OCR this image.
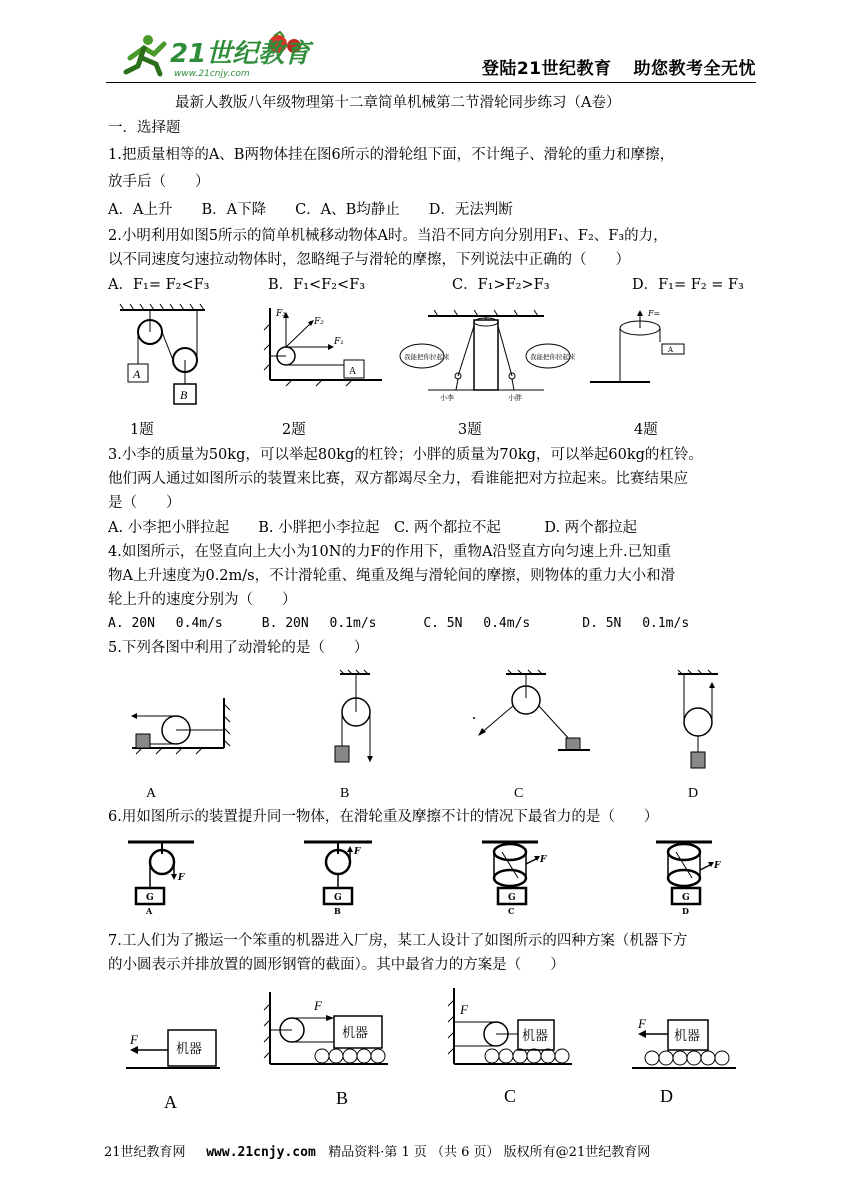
21世纪教育
www.21cnjy.com	登陆21世纪教育 助您教考全无忧
最新人教版八年级物理第十二章简单机械第二节滑轮同步练习（A卷）
一．选择题
1.把质量相等的A、B两物体挂在图6所示的滑轮组下面，不计绳子、滑轮的重力和摩擦，
放手后（　　）
A．A上升　　B．A下降　　C．A、B均静止　　D．无法判断
2.小明利用如图5所示的简单机械移动物体A时。当沿不同方向分别用F₁、F₂、F₃的力，
以不同速度匀速拉动物体时，忽略绳子与滑轮的摩擦，下列说法中正确的（　　）
A．F₁= F₂<F₃	B．F₁<F₂<F₃	C．F₁>F₂>F₃	D．F₁= F₂ = F₃
A
B
A
F₃
F₂
F₁
我能把你拉起来	我能把你拉起来
小李	小胖
F=
A
1题	2题	3题	4题
3.小李的质量为50kg，可以举起80kg的杠铃；小胖的质量为70kg，可以举起60kg的杠铃。
他们两人通过如图所示的装置来比赛，双方都竭尽全力，看谁能把对方拉起来。比赛结果应
是（　　）
A. 小李把小胖拉起　　B. 小胖把小李拉起　C. 两个都拉不起　　　D. 两个都拉起
4.如图所示，在竖直向上大小为10N的力F的作用下，重物A沿竖直方向匀速上升.已知重
物A上升速度为0.2m/s，不计滑轮重、绳重及绳与滑轮间的摩擦，则物体的重力大小和滑
轮上升的速度分别为（　　）
A. 20N　 0.4m/s　　　B. 20N　 0.1m/s　　　 C. 5N　 0.4m/s　　　　D. 5N　 0.1m/s
5.下列各图中利用了动滑轮的是（　　）
A	B	C	D
6.用如图所示的装置提升同一物体，在滑轮重及摩擦不计的情况下最省力的是（　　）
F
G
A
F
G
B
F
G
C
F
G
D
7.工人们为了搬运一个笨重的机器进入厂房，某工人设计了如图所示的四种方案（机器下方
的小圆表示并排放置的圆形钢管的截面）。其中最省力的方案是（　　）
机器
F
A
F
机器
B
F
机器
C
机器
F
D
21世纪教育网 www.21cnjy.com 精品资料·第 1 页 （共 6 页） 版权所有@21世纪教育网
